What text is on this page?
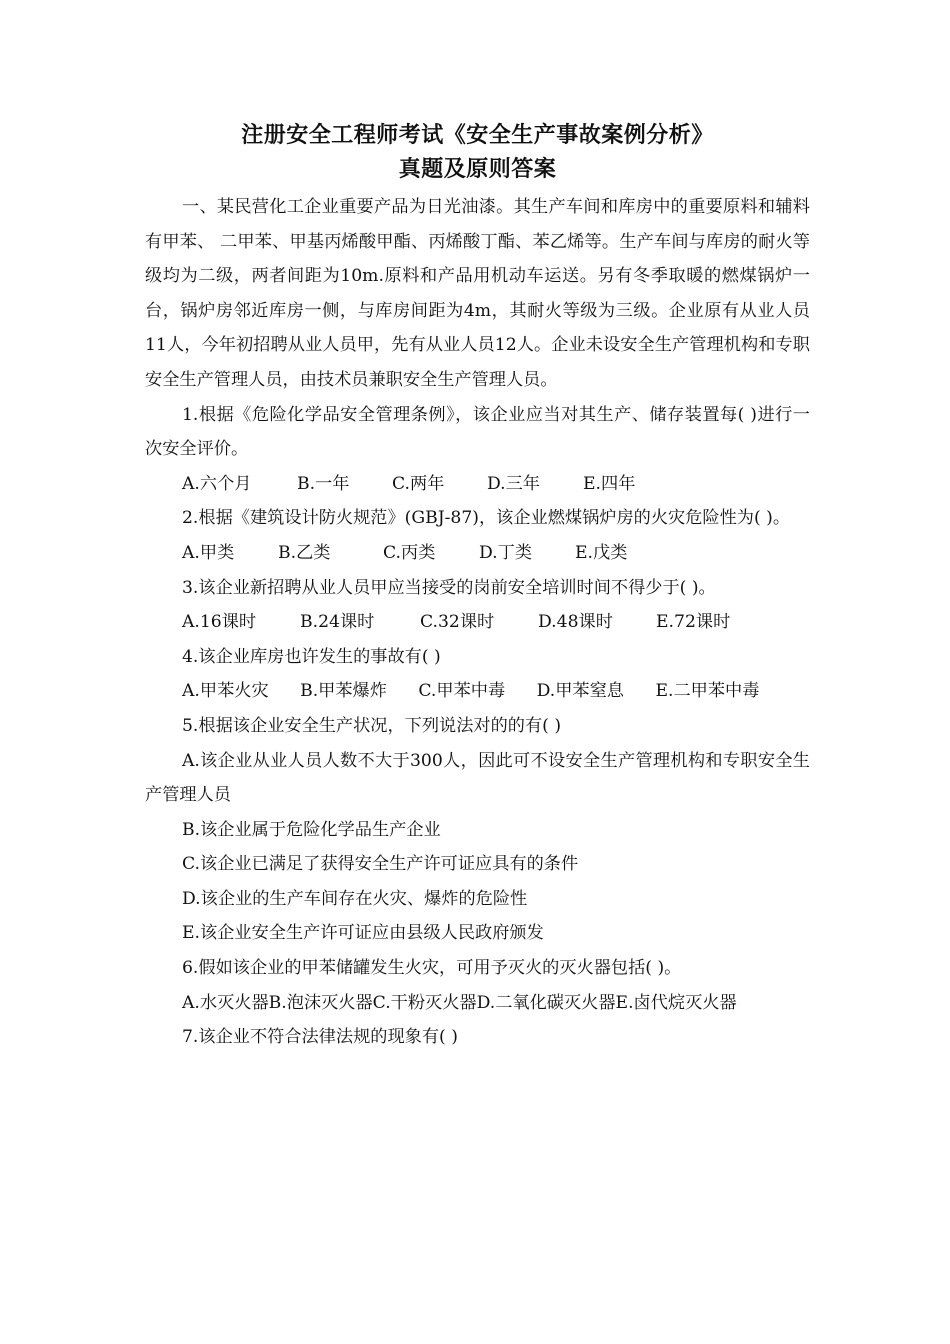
注册安全工程师考试《安全生产事故案例分析》
真题及原则答案

一、某民营化工企业重要产品为日光油漆。其生产车间和库房中的重要原料和辅料有甲苯、 二甲苯、甲基丙烯酸甲酯、丙烯酸丁酯、苯乙烯等。生产车间与库房的耐火等级均为二级，两者间距为10m.原料和产品用机动车运送。另有冬季取暖的燃煤锅炉一台，锅炉房邻近库房一侧，与库房间距为4m，其耐火等级为三级。企业原有从业人员11人，今年初招聘从业人员甲，先有从业人员12人。企业未设安全生产管理机构和专职安全生产管理人员，由技术员兼职安全生产管理人员。

1.根据《危险化学品安全管理条例》，该企业应当对其生产、储存装置每( )进行一次安全评价。

A.六个月	B.一年	C.两年	D.三年	E.四年

2.根据《建筑设计防火规范》(GBJ-87)，该企业燃煤锅炉房的火灾危险性为( )。

A.甲类	B.乙类	C.丙类	D.丁类	E.戊类

3.该企业新招聘从业人员甲应当接受的岗前安全培训时间不得少于( )。

A.16课时	B.24课时	C.32课时	D.48课时	E.72课时

4.该企业库房也许发生的事故有( )

A.甲苯火灾 B.甲苯爆炸 C.甲苯中毒 D.甲苯窒息 E.二甲苯中毒

5.根据该企业安全生产状况，下列说法对的的有( )

A.该企业从业人员人数不大于300人，因此可不设安全生产管理机构和专职安全生产管理人员

B.该企业属于危险化学品生产企业

C.该企业已满足了获得安全生产许可证应具有的条件

D.该企业的生产车间存在火灾、爆炸的危险性

E.该企业安全生产许可证应由县级人民政府颁发

6.假如该企业的甲苯储罐发生火灾，可用予灭火的灭火器包括( )。

A.水灭火器B.泡沫灭火器C.干粉灭火器D.二氧化碳灭火器E.卤代烷灭火器

7.该企业不符合法律法规的现象有( )
